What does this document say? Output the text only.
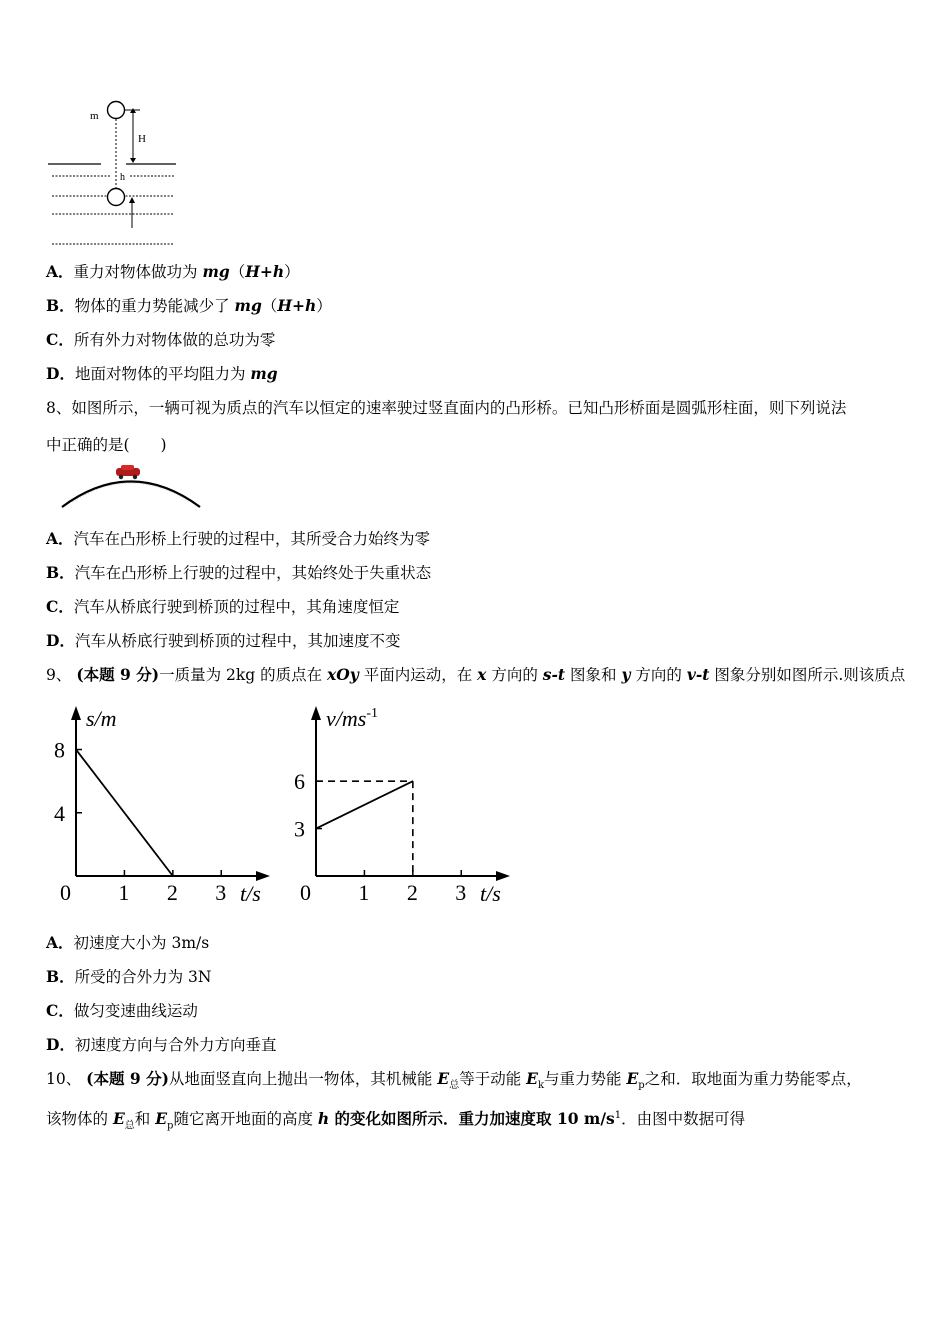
m
H
h
A．重力对物体做功为 mg（H+h）
B．物体的重力势能减少了 mg（H+h）
C．所有外力对物体做的总功为零
D．地面对物体的平均阻力为 mg
8、如图所示，一辆可视为质点的汽车以恒定的速率驶过竖直面内的凸形桥。已知凸形桥面是圆弧形柱面，则下列说法
中正确的是(　　)
A．汽车在凸形桥上行驶的过程中，其所受合力始终为零
B．汽车在凸形桥上行驶的过程中，其始终处于失重状态
C．汽车从桥底行驶到桥顶的过程中，其角速度恒定
D．汽车从桥底行驶到桥顶的过程中，其加速度不变
9、 (本题 9 分)一质量为 2kg 的质点在 xOy 平面内运动，在 x 方向的 s-t 图象和 y 方向的 v-t 图象分别如图所示.则该质点
s/m
t/s
0 1 2 3
4
8
$v/ms^{-1}$
t/s
0 1 2 3
3
6
A．初速度大小为 3m/s
B．所受的合外力为 3N
C．做匀变速曲线运动
D．初速度方向与合外力方向垂直
10、 (本题 9 分)从地面竖直向上抛出一物体，其机械能 $E_总$等于动能 $E_k$与重力势能 $E_p$之和．取地面为重力势能零点，
该物体的 $E_总$和 $E_p$随它离开地面的高度 h 的变化如图所示．重力加速度取 10 $m/s^1$．由图中数据可得
